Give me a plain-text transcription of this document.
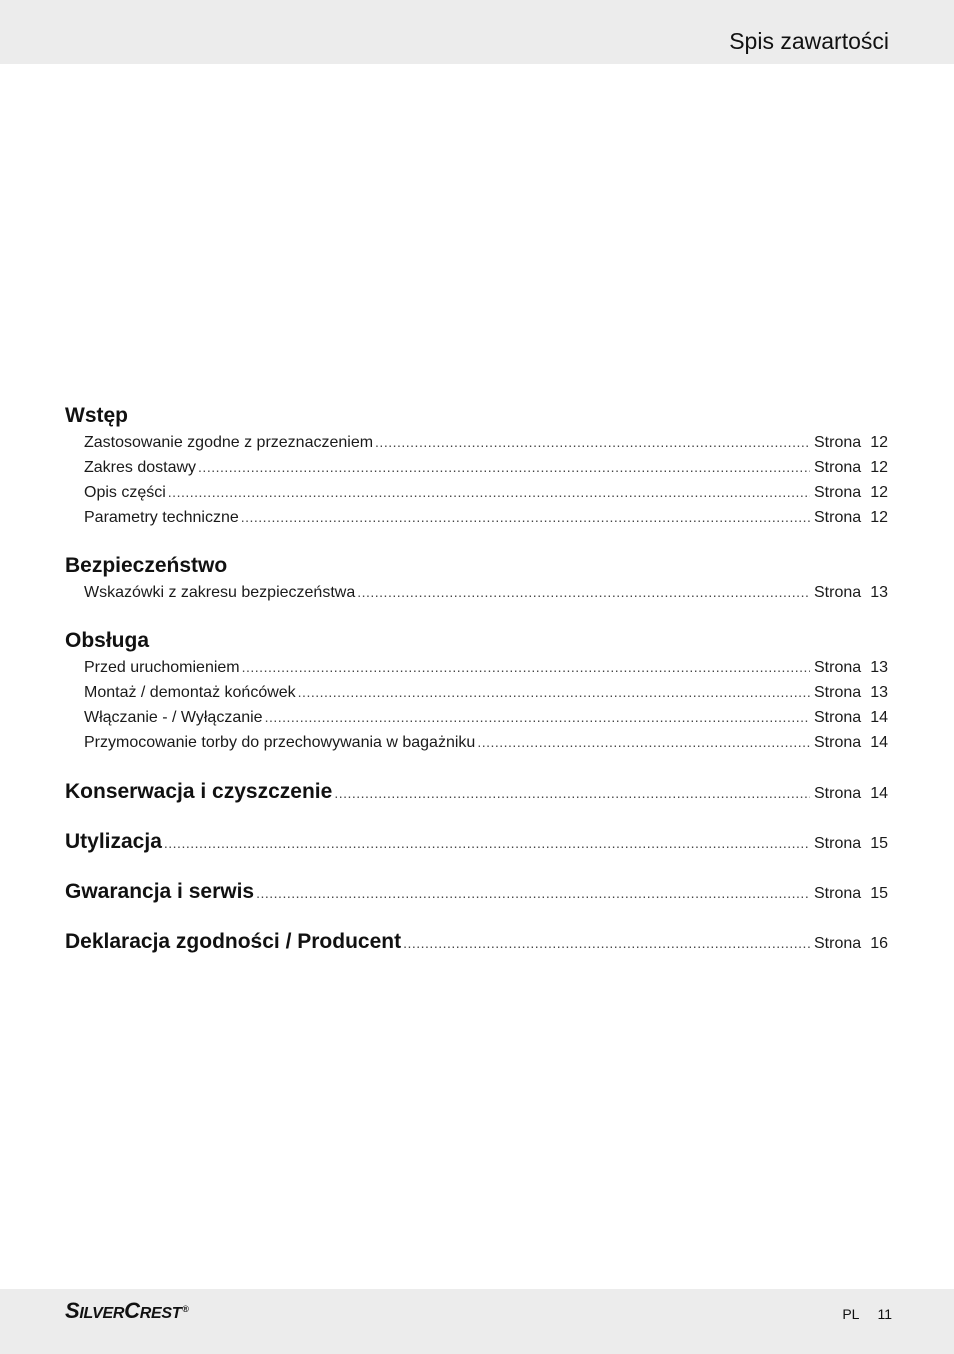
Spis zawartości
Wstęp
Zastosowanie zgodne z przeznaczeniem .....	Strona 12
Zakres dostawy .....	Strona 12
Opis części .....	Strona 12
Parametry techniczne .....	Strona 12
Bezpieczeństwo
Wskazówki z zakresu bezpieczeństwa .....	Strona 13
Obsługa
Przed uruchomieniem .....	Strona 13
Montaż / demontaż końcówek .....	Strona 13
Włączanie - / Wyłączanie .....	Strona 14
Przymocowanie torby do przechowywania w bagażniku .....	Strona 14
Konserwacja i czyszczenie .....	Strona 14
Utylizacja .....	Strona 15
Gwarancja i serwis .....	Strona 15
Deklaracja zgodności / Producent .....	Strona 16
SILVERCREST®	PL 11
